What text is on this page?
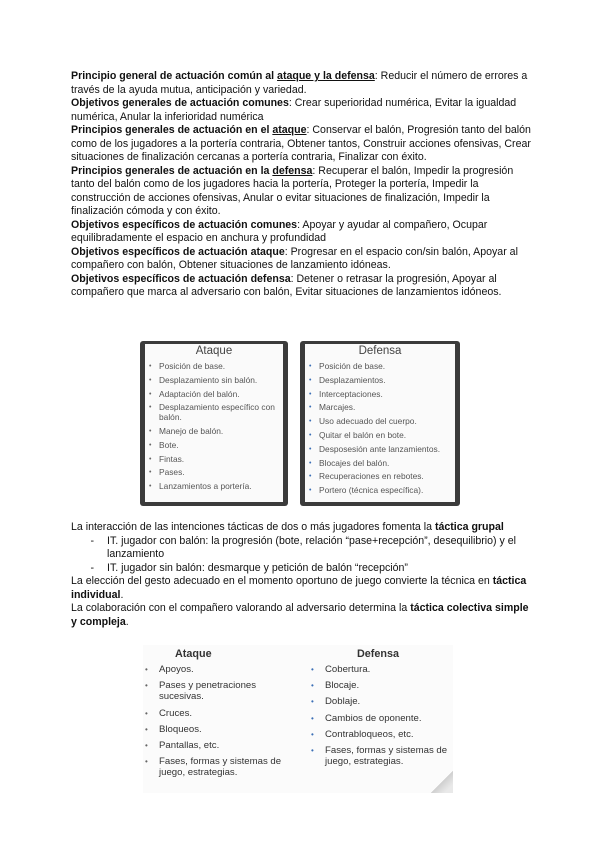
Principio general de actuación común al ataque y la defensa: Reducir el número de errores a través de la ayuda mutua, anticipación y variedad.

Objetivos generales de actuación comunes: Crear superioridad numérica, Evitar la igualdad numérica, Anular la inferioridad numérica

Principios generales de actuación en el ataque: Conservar el balón, Progresión tanto del balón como de los jugadores a la portería contraria, Obtener tantos, Construir acciones ofensivas, Crear situaciones de finalización cercanas a portería contraria, Finalizar con éxito.

Principios generales de actuación en la defensa: Recuperar el balón, Impedir la progresión tanto del balón como de los jugadores hacia la portería, Proteger la portería, Impedir la construcción de acciones ofensivas, Anular o evitar situaciones de finalización, Impedir la finalización cómoda y con éxito.

Objetivos específicos de actuación comunes: Apoyar y ayudar al compañero, Ocupar equilibradamente el espacio en anchura y profundidad

Objetivos específicos de actuación ataque: Progresar en el espacio con/sin balón, Apoyar al compañero con balón, Obtener situaciones de lanzamiento idóneas.

Objetivos específicos de actuación defensa: Detener o retrasar la progresión, Apoyar al compañero que marca al adversario con balón, Evitar situaciones de lanzamientos idóneos.

Ataque
• Posición de base.
• Desplazamiento sin balón.
• Adaptación del balón.
• Desplazamiento específico con balón.
• Manejo de balón.
• Bote.
• Fintas.
• Pases.
• Lanzamientos a portería.
Defensa
• Posición de base.
• Desplazamientos.
• Interceptaciones.
• Marcajes.
• Uso adecuado del cuerpo.
• Quitar el balón en bote.
• Desposesión ante lanzamientos.
• Blocajes del balón.
• Recuperaciones en rebotes.
• Portero (técnica específica).

La interacción de las intenciones tácticas de dos o más jugadores fomenta la táctica grupal

-	IT. jugador con balón: la progresión (bote, relación “pase+recepción”, desequilibrio) y el lanzamiento
-	IT. jugador sin balón: desmarque y petición de balón “recepción”

La elección del gesto adecuado en el momento oportuno de juego convierte la técnica en táctica individual.

La colaboración con el compañero valorando al adversario determina la táctica colectiva simple y compleja.

Ataque
•	Apoyos.
•	Pases y penetraciones sucesivas.
•	Cruces.
•	Bloqueos.
•	Pantallas, etc.
•	Fases, formas y sistemas de juego, estrategias.
Defensa
•	Cobertura.
•	Blocaje.
•	Doblaje.
•	Cambios de oponente.
•	Contrabloqueos, etc.
•	Fases, formas y sistemas de juego, estrategias.
